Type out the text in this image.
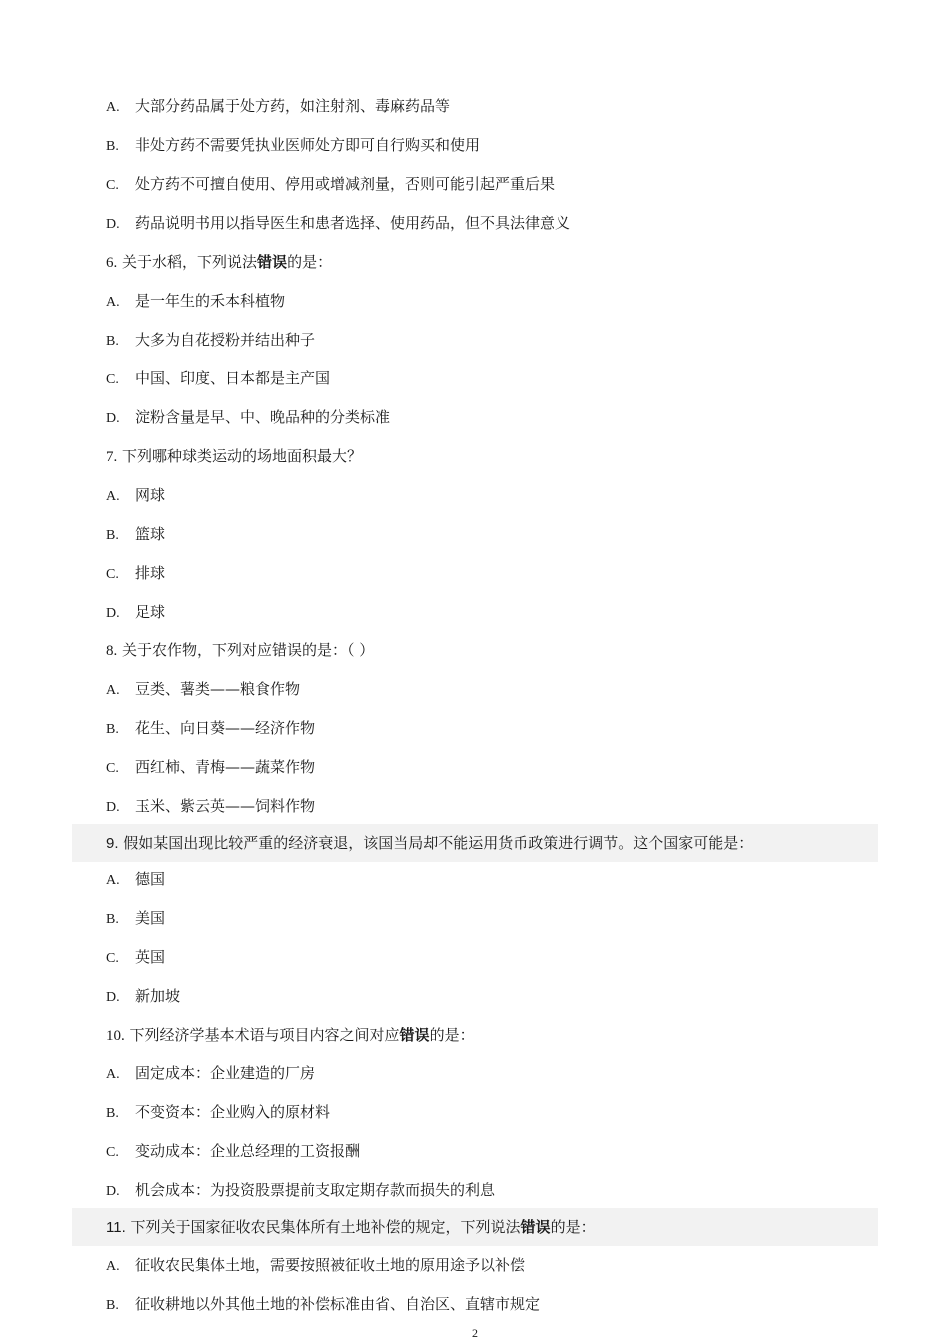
A. 大部分药品属于处方药，如注射剂、毒麻药品等
B. 非处方药不需要凭执业医师处方即可自行购买和使用
C. 处方药不可擅自使用、停用或增减剂量，否则可能引起严重后果
D. 药品说明书用以指导医生和患者选择、使用药品，但不具法律意义
6. 关于水稻，下列说法错误的是：
A. 是一年生的禾本科植物
B. 大多为自花授粉并结出种子
C. 中国、印度、日本都是主产国
D. 淀粉含量是早、中、晚品种的分类标准
7. 下列哪种球类运动的场地面积最大？
A. 网球
B. 篮球
C. 排球
D. 足球
8. 关于农作物，下列对应错误的是：（ ）
A. 豆类、薯类——粮食作物
B. 花生、向日葵——经济作物
C. 西红柿、青梅——蔬菜作物
D. 玉米、紫云英——饲料作物
9. 假如某国出现比较严重的经济衰退，该国当局却不能运用货币政策进行调节。这个国家可能是：
A. 德国
B. 美国
C. 英国
D. 新加坡
10. 下列经济学基本术语与项目内容之间对应错误的是：
A. 固定成本：企业建造的厂房
B. 不变资本：企业购入的原材料
C. 变动成本：企业总经理的工资报酬
D. 机会成本：为投资股票提前支取定期存款而损失的利息
11. 下列关于国家征收农民集体所有土地补偿的规定，下列说法错误的是：
A. 征收农民集体土地，需要按照被征收土地的原用途予以补偿
B. 征收耕地以外其他土地的补偿标准由省、自治区、直辖市规定
2
